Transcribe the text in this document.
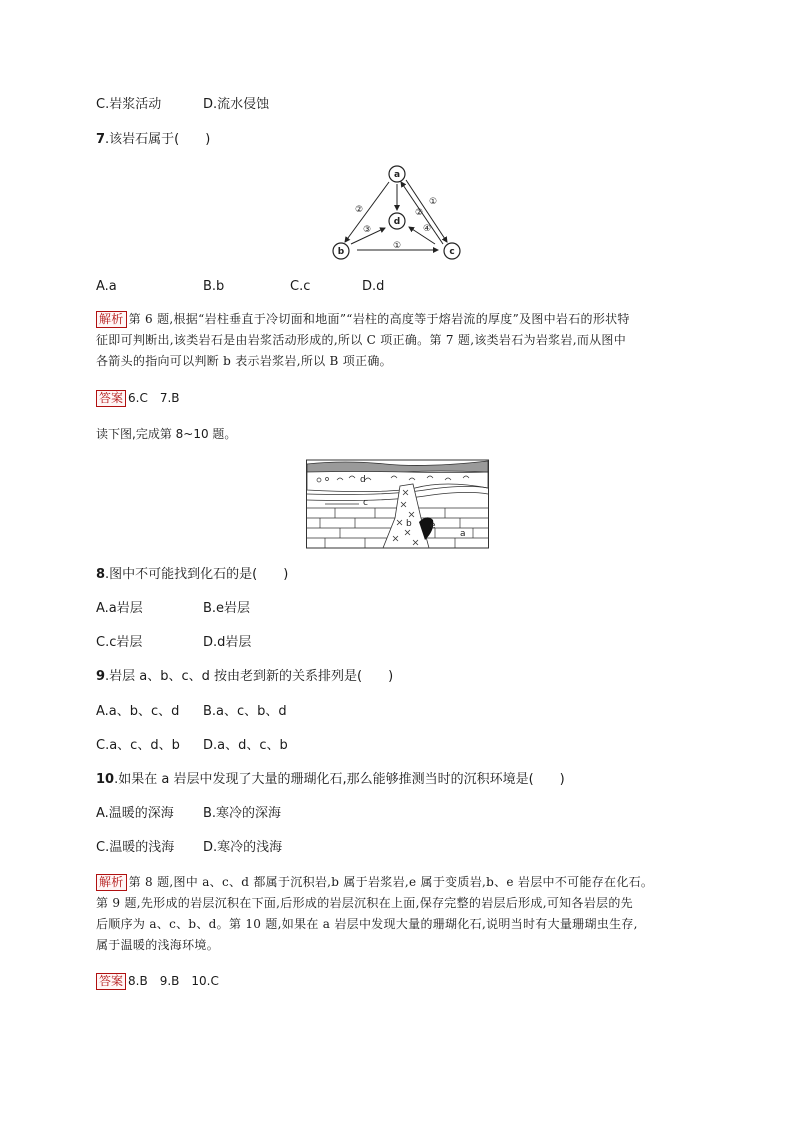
C.岩浆活动	D.流水侵蚀
7.该岩石属于(　　)
②
①
②
③	④
①
a
b	c
d
A.a	B.b	C.c	D.d

解析 第 6 题,根据“岩柱垂直于冷切面和地面”“岩柱的高度等于熔岩流的厚度”及图中岩石的形状特

征即可判断出,该类岩石是由岩浆活动形成的,所以 C 项正确。第 7 题,该类岩石为岩浆岩,而从图中

各箭头的指向可以判断 b 表示岩浆岩,所以 B 项正确。

答案 6.C　7.B
读下图,完成第 8~10 题。
d
c
b e
a
8.图中不可能找到化石的是(　　)
A.a岩层	B.e岩层
C.c岩层	D.d岩层
9.岩层 a、b、c、d 按由老到新的关系排列是(　　)
A.a、b、c、d B.a、c、b、d
C.a、c、d、b D.a、d、c、b
10.如果在 a 岩层中发现了大量的珊瑚化石,那么能够推测当时的沉积环境是(　　)
A.温暖的深海 B.寒冷的深海
C.温暖的浅海 D.寒冷的浅海

解析 第 8 题,图中 a、c、d 都属于沉积岩,b 属于岩浆岩,e 属于变质岩,b、e 岩层中不可能存在化石。

第 9 题,先形成的岩层沉积在下面,后形成的岩层沉积在上面,保存完整的岩层后形成,可知各岩层的先

后顺序为 a、c、b、d。第 10 题,如果在 a 岩层中发现大量的珊瑚化石,说明当时有大量珊瑚虫生存,

属于温暖的浅海环境。

答案 8.B　9.B　10.C
